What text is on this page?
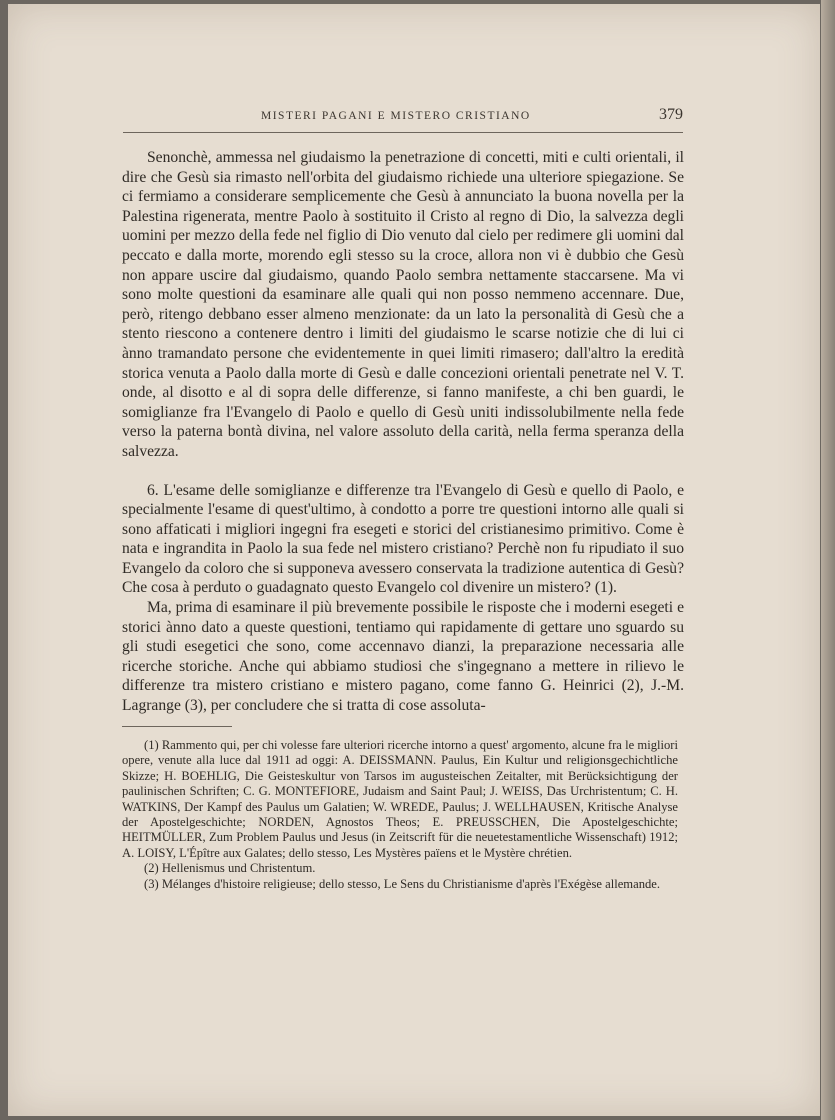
MISTERI PAGANI E MISTERO CRISTIANO	379

Senonchè, ammessa nel giudaismo la penetrazione di concetti, miti e culti orientali, il dire che Gesù sia rimasto nell'orbita del giudaismo richiede una ulteriore spiegazione. Se ci fermiamo a considerare semplicemente che Gesù à annunciato la buona novella per la Palestina rigenerata, mentre Paolo à sostituito il Cristo al regno di Dio, la salvezza degli uomini per mezzo della fede nel figlio di Dio venuto dal cielo per redimere gli uomini dal peccato e dalla morte, morendo egli stesso su la croce, allora non vi è dubbio che Gesù non appare uscire dal giudaismo, quando Paolo sembra nettamente staccarsene. Ma vi sono molte questioni da esaminare alle quali qui non posso nemmeno accennare. Due, però, ritengo debbano esser almeno menzionate: da un lato la personalità di Gesù che a stento riescono a contenere dentro i limiti del giudaismo le scarse notizie che di lui ci ànno tramandato persone che evidentemente in quei limiti rimasero; dall'altro la eredità storica venuta a Paolo dalla morte di Gesù e dalle concezioni orientali penetrate nel V. T. onde, al disotto e al di sopra delle differenze, si fanno manifeste, a chi ben guardi, le somiglianze fra l'Evangelo di Paolo e quello di Gesù uniti indissolubilmente nella fede verso la paterna bontà divina, nel valore assoluto della carità, nella ferma speranza della salvezza.

6. L'esame delle somiglianze e differenze tra l'Evangelo di Gesù e quello di Paolo, e specialmente l'esame di quest'ultimo, à condotto a porre tre questioni intorno alle quali si sono affaticati i migliori ingegni fra esegeti e storici del cristianesimo primitivo. Come è nata e ingrandita in Paolo la sua fede nel mistero cristiano? Perchè non fu ripudiato il suo Evangelo da coloro che si supponeva avessero conservata la tradizione autentica di Gesù? Che cosa à perduto o guadagnato questo Evangelo col divenire un mistero? (1).

Ma, prima di esaminare il più brevemente possibile le risposte che i moderni esegeti e storici ànno dato a queste questioni, tentiamo qui rapidamente di gettare uno sguardo su gli studi esegetici che sono, come accennavo dianzi, la preparazione necessaria alle ricerche storiche. Anche qui abbiamo studiosi che s'ingegnano a mettere in rilievo le differenze tra mistero cristiano e mistero pagano, come fanno G. Heinrici (2), J.-M. Lagrange (3), per concludere che si tratta di cose assoluta-

(1) Rammento qui, per chi volesse fare ulteriori ricerche intorno a quest' argomento, alcune fra le migliori opere, venute alla luce dal 1911 ad oggi: A. DEISSMANN. Paulus, Ein Kultur und religionsgechichtliche Skizze; H. BOEHLIG, Die Geisteskultur von Tarsos im augusteischen Zeitalter, mit Berücksichtigung der paulinischen Schriften; C. G. MONTEFIORE, Judaism and Saint Paul; J. WEISS, Das Urchristentum; C. H. WATKINS, Der Kampf des Paulus um Galatien; W. WREDE, Paulus; J. WELLHAUSEN, Kritische Analyse der Apostelgeschichte; NORDEN, Agnostos Theos; E. PREUSSCHEN, Die Apostelgeschichte; HEITMÜLLER, Zum Problem Paulus und Jesus (in Zeitscrift für die neuetestamentliche Wissenschaft) 1912; A. LOISY, L'Épître aux Galates; dello stesso, Les Mystères païens et le Mystère chrétien.

(2) Hellenismus und Christentum.

(3) Mélanges d'histoire religieuse; dello stesso, Le Sens du Christianisme d'après l'Exégèse allemande.
